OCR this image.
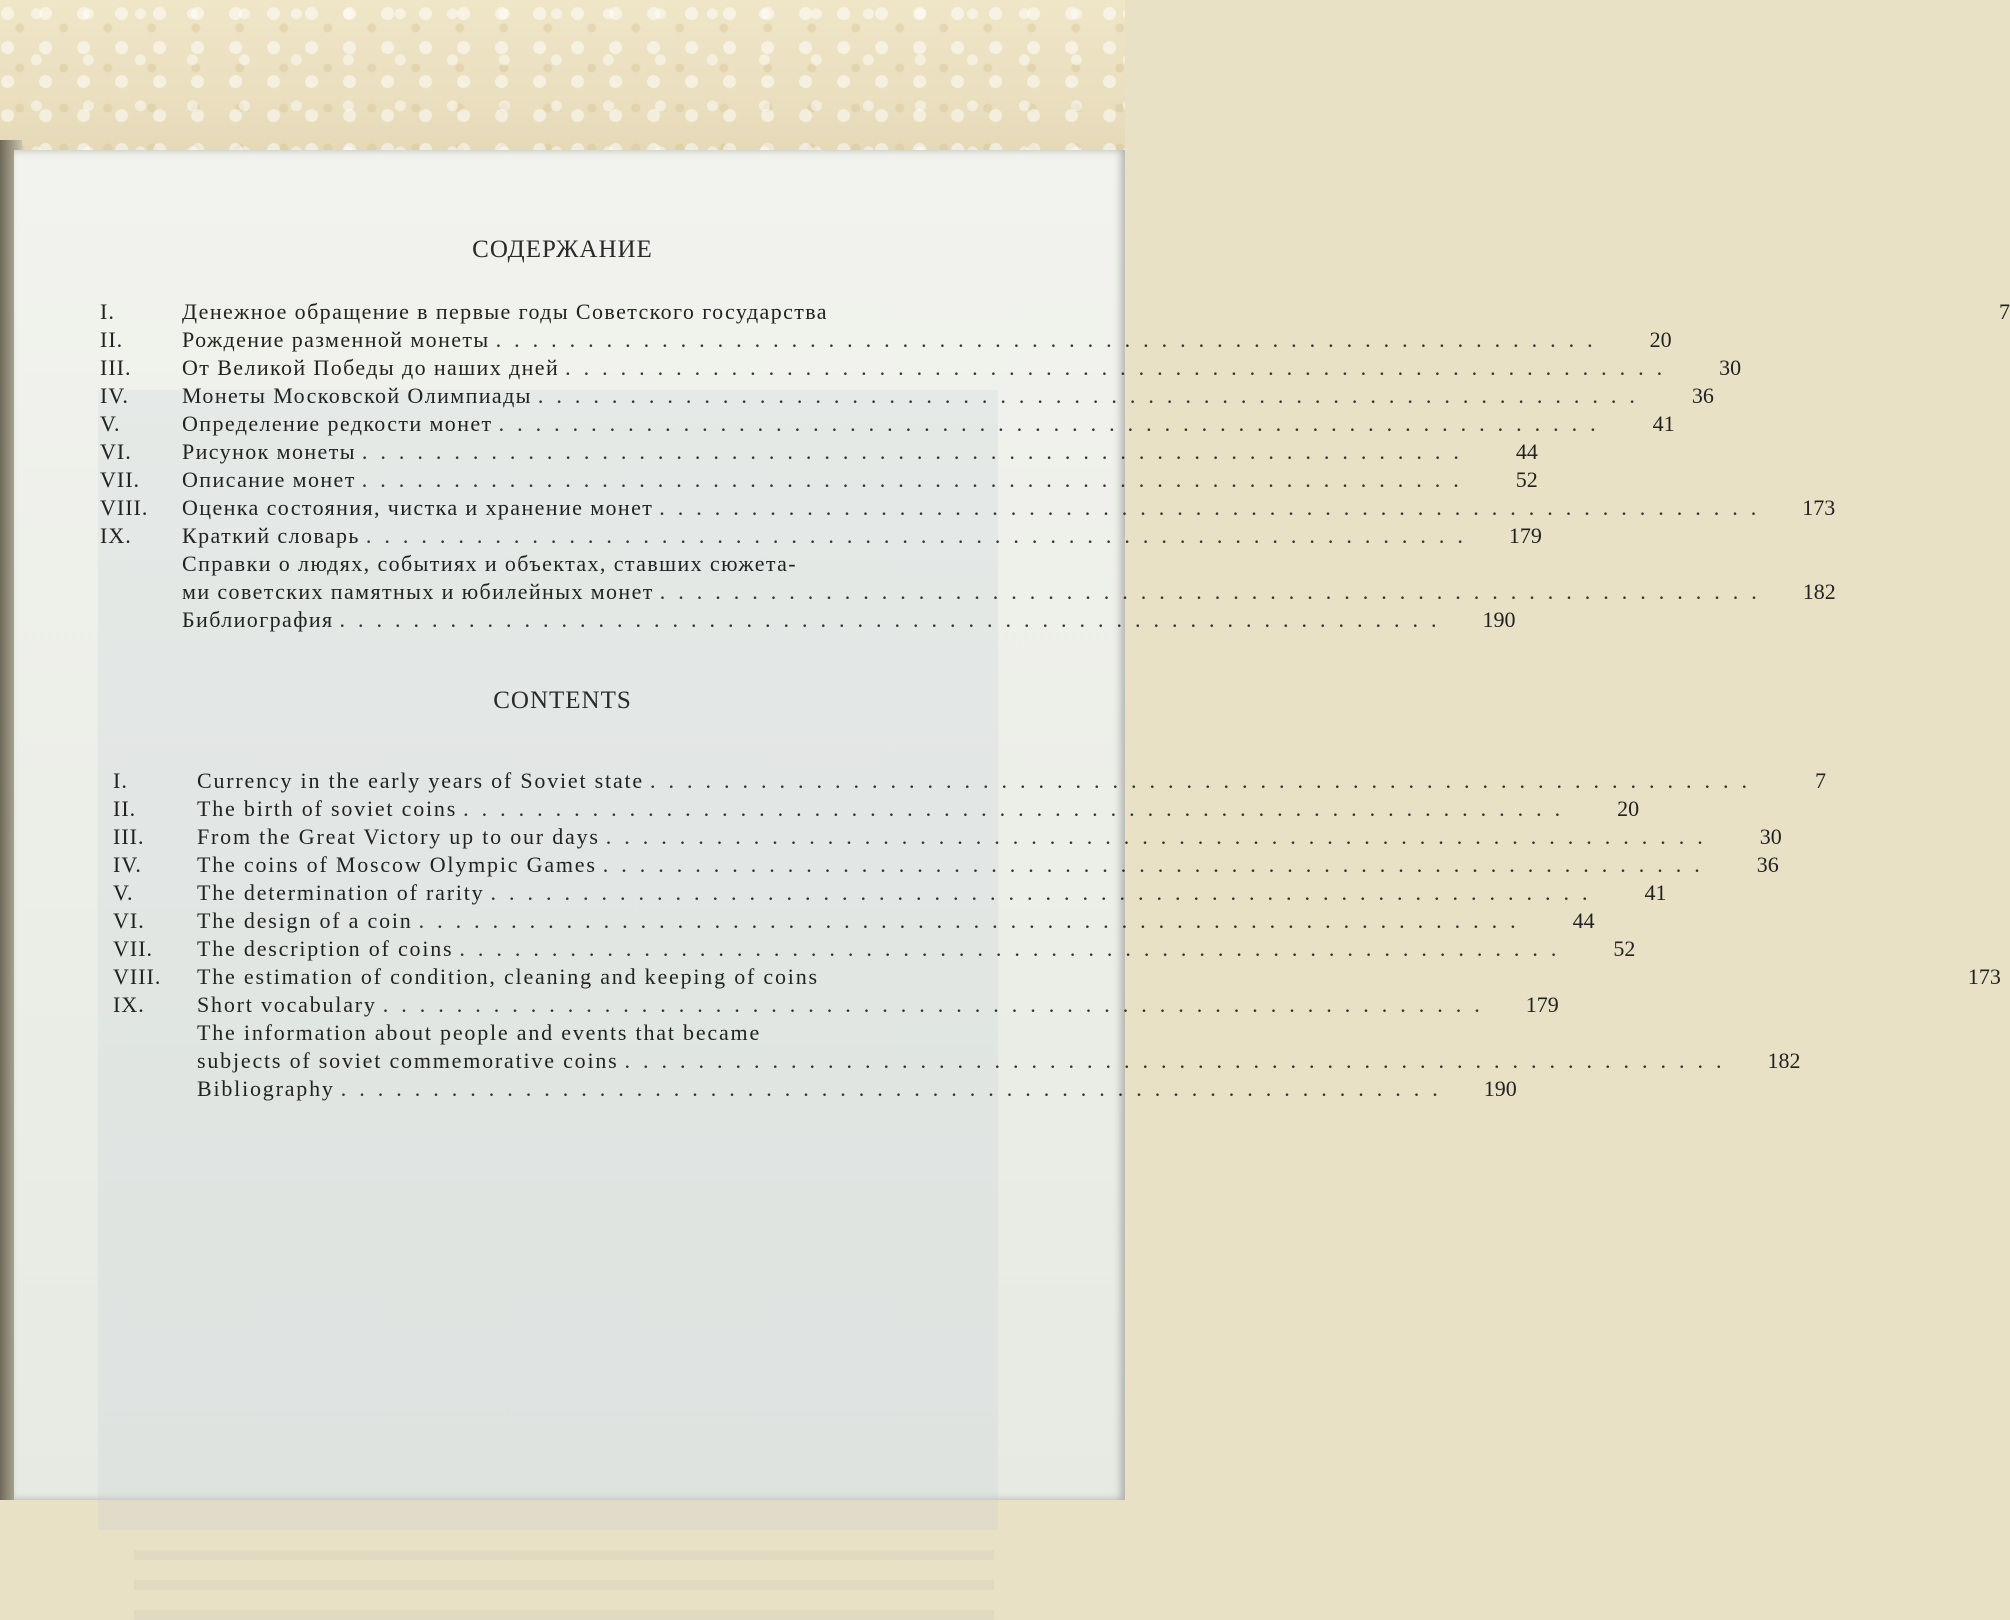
СОДЕРЖАНИЕ
I.	Денежное обращение в первые годы Советского государства	7
II.	Рождение разменной монеты ............................................................	20
III.	От Великой Победы до наших дней ............................................................	30
IV.	Монеты Московской Олимпиады ............................................................	36
V.	Определение редкости монет ............................................................	41
VI.	Рисунок монеты ............................................................	44
VII.	Описание монет ............................................................	52
VIII.	Оценка состояния, чистка и хранение монет ............................................................	173
IX.	Краткий словарь ............................................................	179
Справки о людях, событиях и объектах, ставших сюжета-
ми советских памятных и юбилейных монет ............................................................	182
Библиография ............................................................	190
CONTENTS
I.	Currency in the early years of Soviet state ............................................................	7
II.	The birth of soviet coins ............................................................	20
III.	From the Great Victory up to our days ............................................................	30
IV.	The coins of Moscow Olympic Games ............................................................	36
V.	The determination of rarity ............................................................	41
VI.	The design of a coin ............................................................	44
VII.	The description of coins ............................................................	52
VIII.	The estimation of condition, cleaning and keeping of coins	173
IX.	Short vocabulary ............................................................	179
The information about people and events that became
subjects of soviet commemorative coins ............................................................	182
Bibliography ............................................................	190
